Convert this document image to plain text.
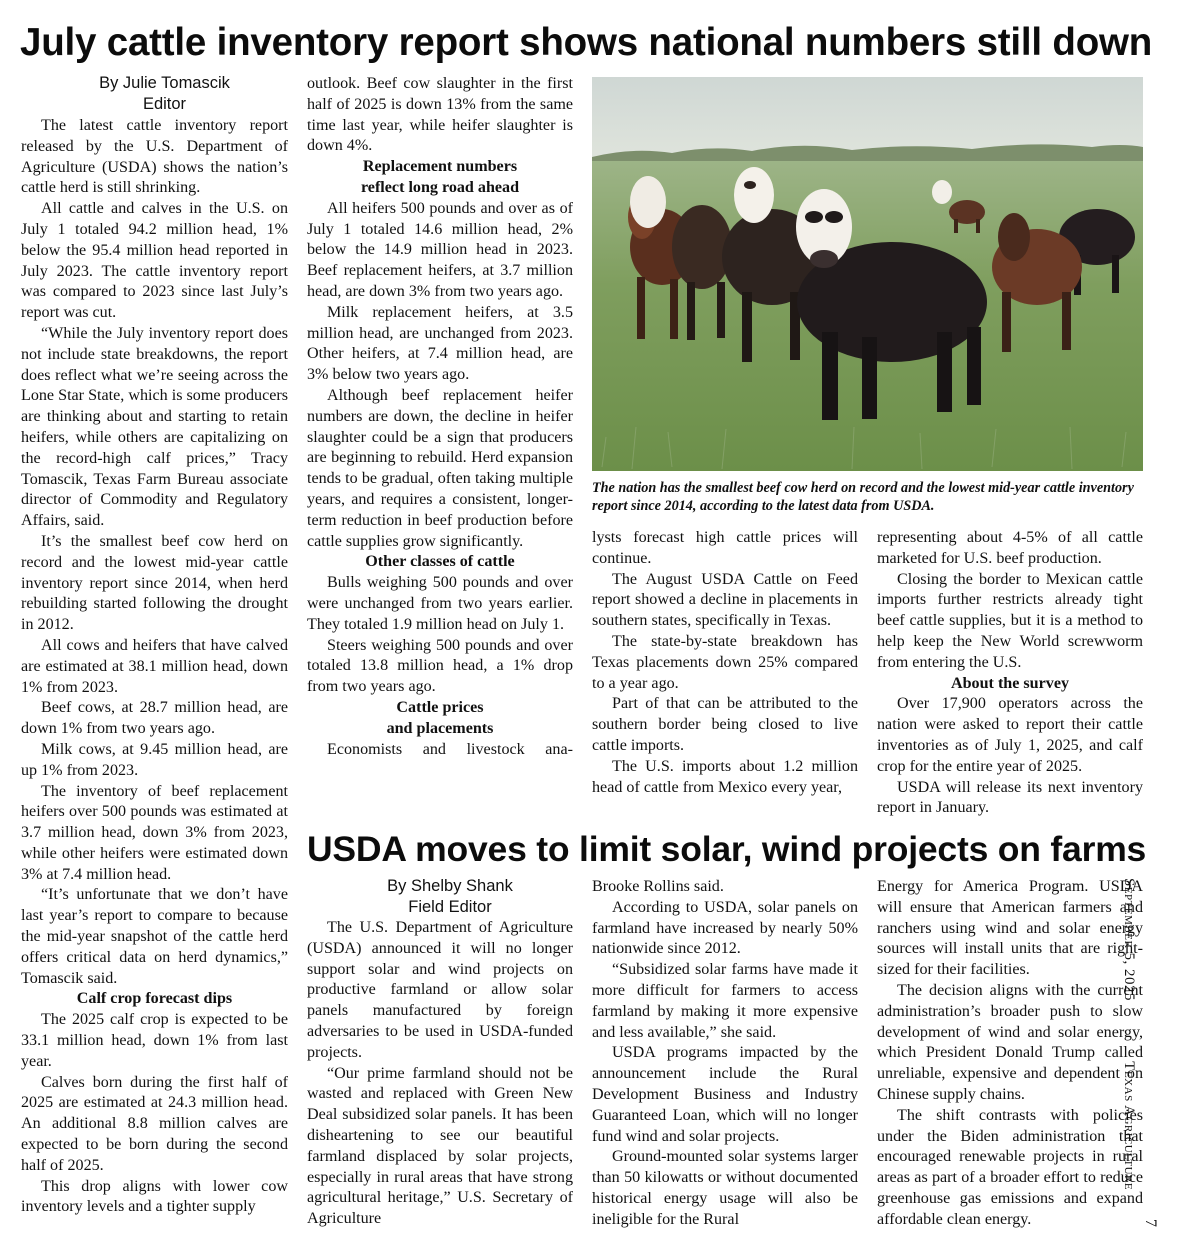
July cattle inventory report shows national numbers still down

By Julie Tomascik

Editor

The latest cattle inventory report released by the U.S. Department of Agriculture (USDA) shows the nation’s cattle herd is still shrinking.

All cattle and calves in the U.S. on July 1 totaled 94.2 million head, 1% below the 95.4 million head reported in July 2023. The cattle inventory report was compared to 2023 since last July’s report was cut.

“While the July inventory report does not include state breakdowns, the report does reflect what we’re seeing across the Lone Star State, which is some producers are thinking about and starting to retain heifers, while others are capitalizing on the record-high calf prices,” Tracy Tomascik, Texas Farm Bureau associate director of Commodity and Regulatory Affairs, said.

It’s the smallest beef cow herd on record and the lowest mid-year cattle inventory report since 2014, when herd rebuilding started following the drought in 2012.

All cows and heifers that have calved are estimated at 38.1 million head, down 1% from 2023.

Beef cows, at 28.7 million head, are down 1% from two years ago.

Milk cows, at 9.45 million head, are up 1% from 2023.

The inventory of beef replacement heifers over 500 pounds was estimated at 3.7 million head, down 3% from 2023, while other heifers were estimated down 3% at 7.4 million head.

“It’s unfortunate that we don’t have last year’s report to compare to because the mid-year snapshot of the cattle herd offers critical data on herd dynamics,” Tomascik said.

Calf crop forecast dips

The 2025 calf crop is expected to be 33.1 million head, down 1% from last year.

Calves born during the first half of 2025 are estimated at 24.3 million head. An additional 8.8 million calves are expected to be born during the second half of 2025.

This drop aligns with lower cow inventory levels and a tighter supply

outlook. Beef cow slaughter in the first half of 2025 is down 13% from the same time last year, while heifer slaughter is down 4%.

Replacement numbers
reflect long road ahead

All heifers 500 pounds and over as of July 1 totaled 14.6 million head, 2% below the 14.9 million head in 2023. Beef replacement heifers, at 3.7 million head, are down 3% from two years ago.

Milk replacement heifers, at 3.5 million head, are unchanged from 2023. Other heifers, at 7.4 million head, are 3% below two years ago.

Although beef replacement heifer numbers are down, the decline in heifer slaughter could be a sign that producers are beginning to rebuild. Herd expansion tends to be gradual, often taking multiple years, and requires a consistent, longer-term reduction in beef production before cattle supplies grow significantly.

Other classes of cattle

Bulls weighing 500 pounds and over were unchanged from two years earlier. They totaled 1.9 million head on July 1.

Steers weighing 500 pounds and over totaled 13.8 million head, a 1% drop from two years ago.

Cattle prices
and placements

Economists and livestock ana-

The nation has the smallest beef cow herd on record and the lowest mid-year cattle inventory report since 2014, according to the latest data from USDA.

lysts forecast high cattle prices will continue.

The August USDA Cattle on Feed report showed a decline in placements in southern states, specifically in Texas.

The state-by-state breakdown has Texas placements down 25% compared to a year ago.

Part of that can be attributed to the southern border being closed to live cattle imports.

The U.S. imports about 1.2 million head of cattle from Mexico every year,

representing about 4-5% of all cattle marketed for U.S. beef production.

Closing the border to Mexican cattle imports further restricts already tight beef cattle supplies, but it is a method to help keep the New World screwworm from entering the U.S.

About the survey

Over 17,900 operators across the nation were asked to report their cattle inventories as of July 1, 2025, and calf crop for the entire year of 2025.

USDA will release its next inventory report in January.

USDA moves to limit solar, wind projects on farms

By Shelby Shank

Field Editor

The U.S. Department of Agriculture (USDA) announced it will no longer support solar and wind projects on productive farmland or allow solar panels manufactured by foreign adversaries to be used in USDA-funded projects.

“Our prime farmland should not be wasted and replaced with Green New Deal subsidized solar panels. It has been disheartening to see our beautiful farmland displaced by solar projects, especially in rural areas that have strong agricultural heritage,” U.S. Secretary of Agriculture

Brooke Rollins said.

According to USDA, solar panels on farmland have increased by nearly 50% nationwide since 2012.

“Subsidized solar farms have made it more difficult for farmers to access farmland by making it more expensive and less available,” she said.

USDA programs impacted by the announcement include the Rural Development Business and Industry Guaranteed Loan, which will no longer fund wind and solar projects.

Ground-mounted solar systems larger than 50 kilowatts or without documented historical energy usage will also be ineligible for the Rural

Energy for America Program. USDA will ensure that American farmers and ranchers using wind and solar energy sources will install units that are right-sized for their facilities.

The decision aligns with the current administration’s broader push to slow development of wind and solar energy, which President Donald Trump called unreliable, expensive and dependent on Chinese supply chains.

The shift contrasts with policies under the Biden administration that encouraged renewable projects in rural areas as part of a broader effort to reduce greenhouse gas emissions and expand affordable clean energy.

September 5, 2025 Texas Agriculture
7
